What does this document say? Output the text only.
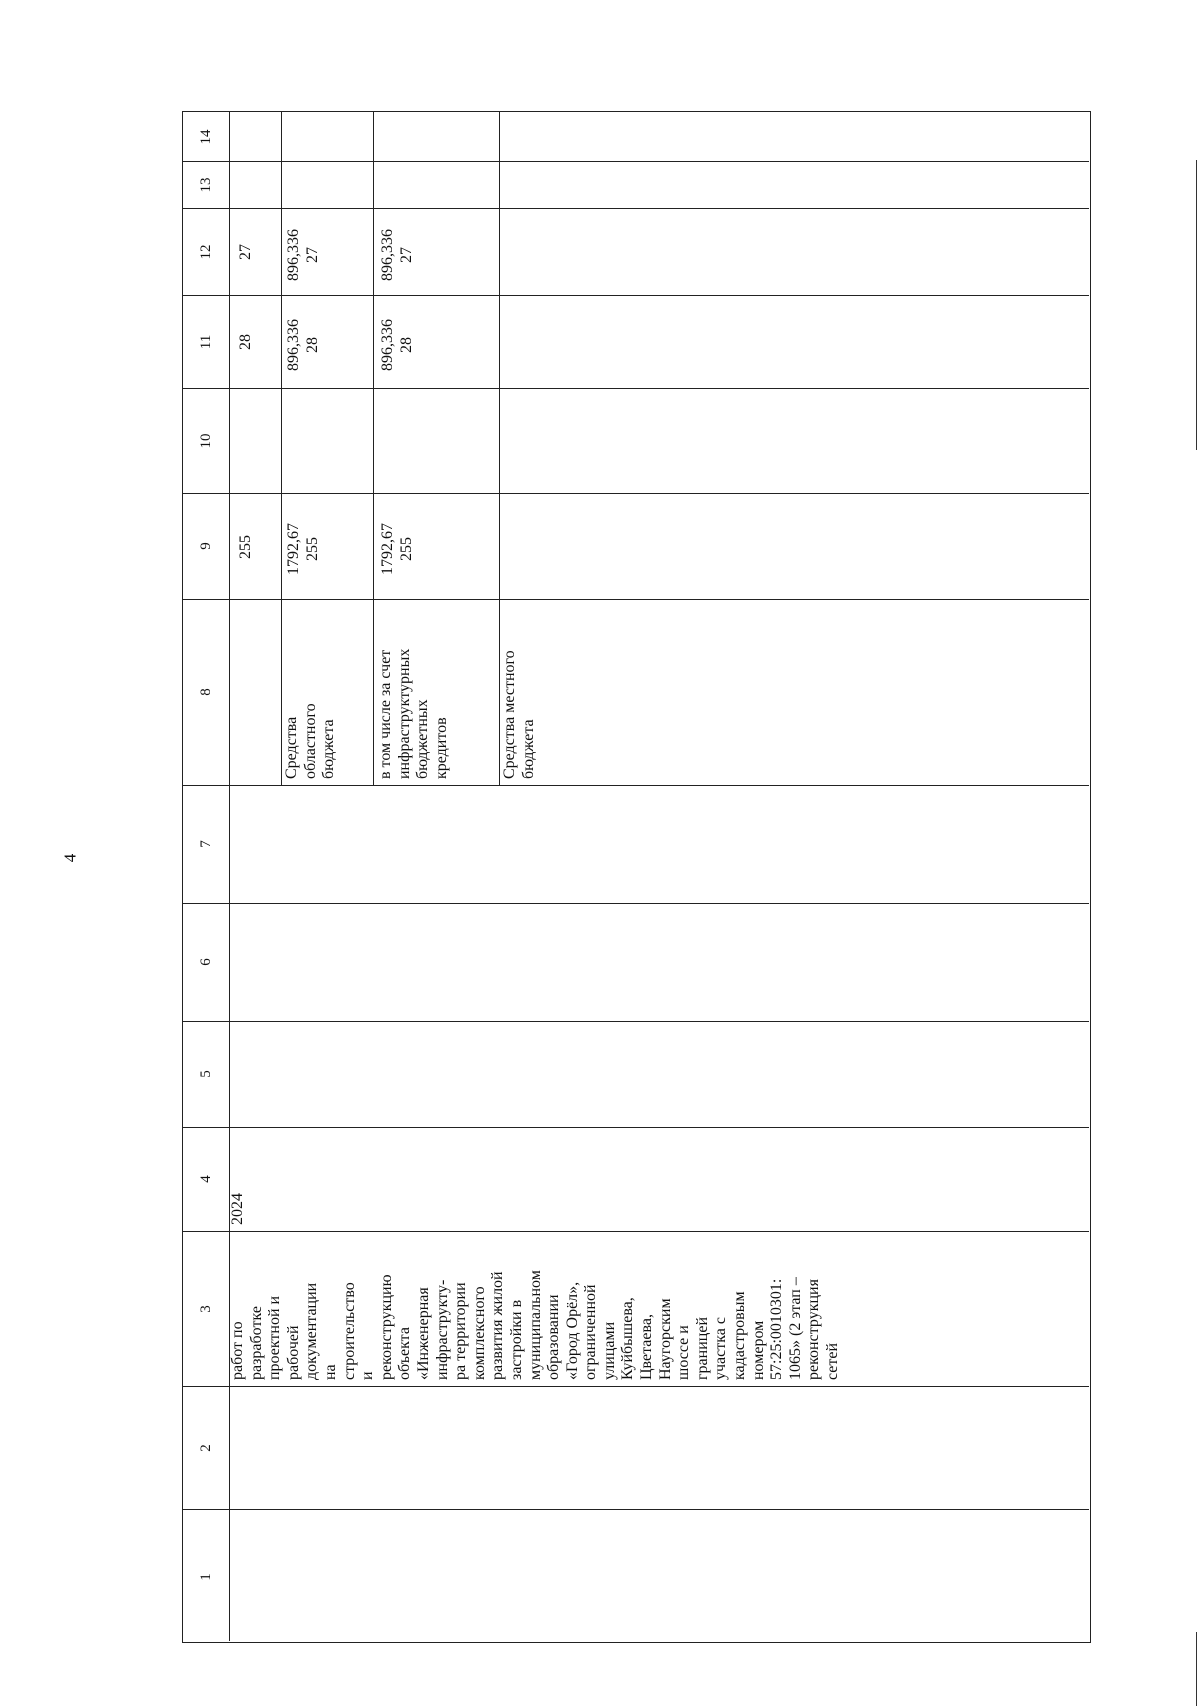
4
1
2
3
4
5
6
7
8
9
10
11
12
13
14
работ по разработке проектной и рабочей документации на строительство и реконструкцию объекта «Инженерная инфраструкту- ра территории комплексного развития жилой застройки в муниципальном образовании «Город Орёл», ограниченной улицами Куйбышева, Цветаева, Наугорским шоссе и границей участка с кадастровым номером 57:25:0010301: 1065» (2 этап – реконструкция сетей
2024
255
28
27
Средства областного бюджета
1792,67 255
896,336 28
896,336 27
в том числе за счет инфраструктурных бюджетных кредитов
1792,67 255
896,336 28
896,336 27
Средства местного бюджета
